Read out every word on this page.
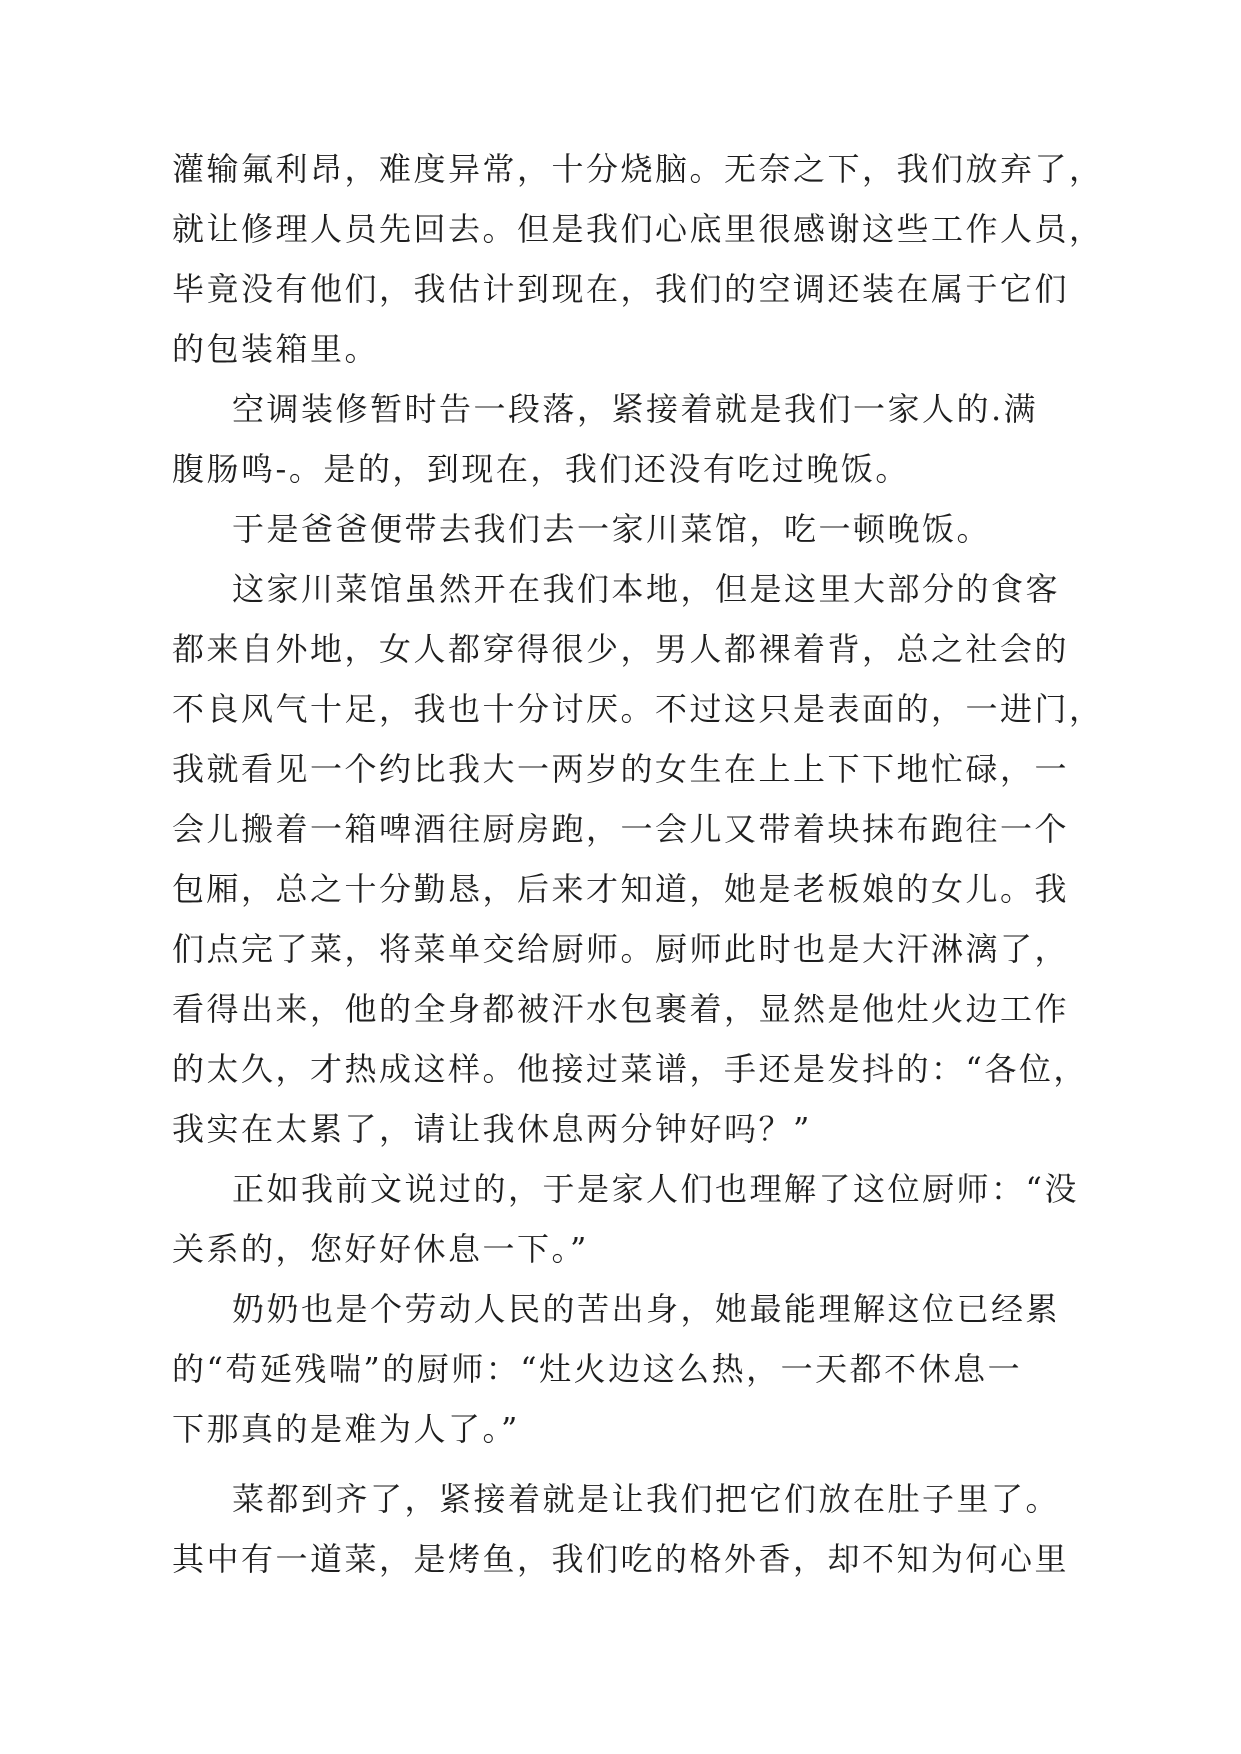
灌输氟利昂，难度异常，十分烧脑。无奈之下，我们放弃了，
就让修理人员先回去。但是我们心底里很感谢这些工作人员，
毕竟没有他们，我估计到现在，我们的空调还装在属于它们
的包装箱里。
空调装修暂时告一段落，紧接着就是我们一家人的.满
腹肠鸣-。是的，到现在，我们还没有吃过晚饭。
于是爸爸便带去我们去一家川菜馆，吃一顿晚饭。
这家川菜馆虽然开在我们本地，但是这里大部分的食客
都来自外地，女人都穿得很少，男人都裸着背，总之社会的
不良风气十足，我也十分讨厌。不过这只是表面的，一进门，
我就看见一个约比我大一两岁的女生在上上下下地忙碌，一
会儿搬着一箱啤酒往厨房跑，一会儿又带着块抹布跑往一个
包厢，总之十分勤恳，后来才知道，她是老板娘的女儿。我
们点完了菜，将菜单交给厨师。厨师此时也是大汗淋漓了，
看得出来，他的全身都被汗水包裹着，显然是他灶火边工作
的太久，才热成这样。他接过菜谱，手还是发抖的：“各位，
我实在太累了，请让我休息两分钟好吗？”
正如我前文说过的，于是家人们也理解了这位厨师：“没
关系的，您好好休息一下。”
奶奶也是个劳动人民的苦出身，她最能理解这位已经累
的“苟延残喘”的厨师：“灶火边这么热，一天都不休息一
下那真的是难为人了。”
菜都到齐了，紧接着就是让我们把它们放在肚子里了。
其中有一道菜，是烤鱼，我们吃的格外香，却不知为何心里
